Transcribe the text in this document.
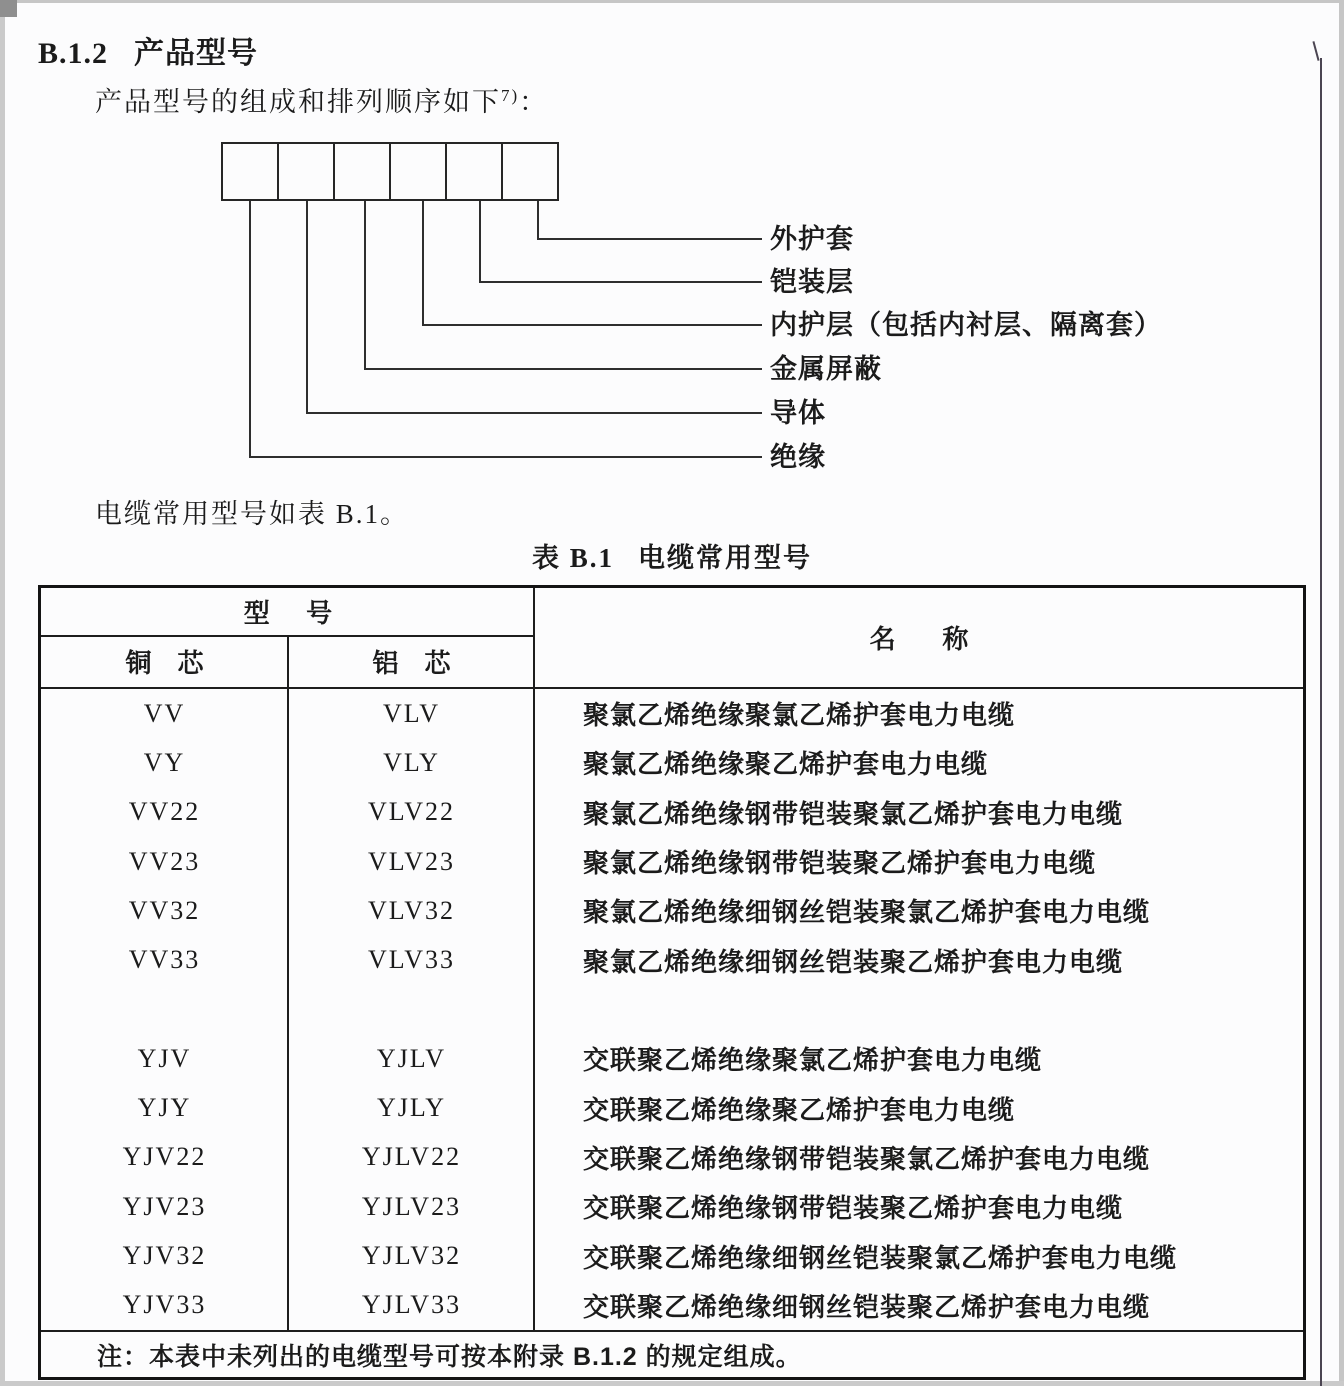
B.1.2 产品型号
产品型号的组成和排列顺序如下$^{7)}$：
外护套
铠装层
内护层（包括内衬层、隔离套）
金属屏蔽
导体
绝缘
电缆常用型号如表 B.1。
表 B.1 电缆常用型号
型号
名称
铜芯	铝芯
VV	VLV	聚氯乙烯绝缘聚氯乙烯护套电力电缆
VY	VLY	聚氯乙烯绝缘聚乙烯护套电力电缆
VV22	VLV22	聚氯乙烯绝缘钢带铠装聚氯乙烯护套电力电缆
VV23	VLV23	聚氯乙烯绝缘钢带铠装聚乙烯护套电力电缆
VV32	VLV32	聚氯乙烯绝缘细钢丝铠装聚氯乙烯护套电力电缆
VV33	VLV33	聚氯乙烯绝缘细钢丝铠装聚乙烯护套电力电缆
YJV	YJLV	交联聚乙烯绝缘聚氯乙烯护套电力电缆
YJY	YJLY	交联聚乙烯绝缘聚乙烯护套电力电缆
YJV22	YJLV22	交联聚乙烯绝缘钢带铠装聚氯乙烯护套电力电缆
YJV23	YJLV23	交联聚乙烯绝缘钢带铠装聚乙烯护套电力电缆
YJV32	YJLV32	交联聚乙烯绝缘细钢丝铠装聚氯乙烯护套电力电缆
YJV33	YJLV33	交联聚乙烯绝缘细钢丝铠装聚乙烯护套电力电缆
注：本表中未列出的电缆型号可按本附录 B.1.2 的规定组成。
